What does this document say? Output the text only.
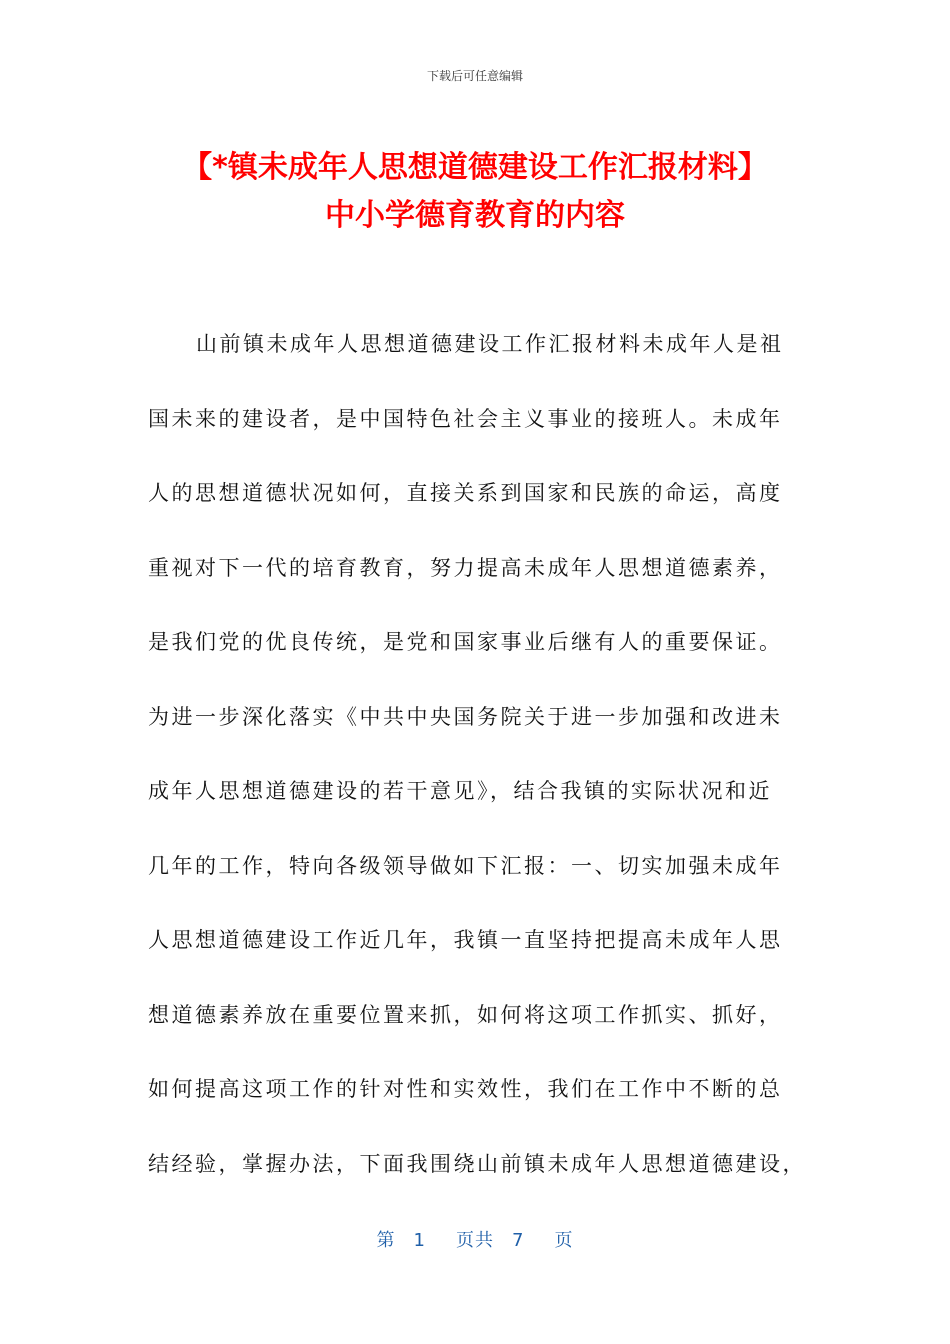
下载后可任意编辑
【*镇未成年人思想道德建设工作汇报材料】
中小学德育教育的内容
山前镇未成年人思想道德建设工作汇报材料未成年人是祖
国未来的建设者，是中国特色社会主义事业的接班人。未成年
人的思想道德状况如何，直接关系到国家和民族的命运，高度
重视对下一代的培育教育，努力提高未成年人思想道德素养，
是我们党的优良传统，是党和国家事业后继有人的重要保证。
为进一步深化落实《中共中央国务院关于进一步加强和改进未
成年人思想道德建设的若干意见》，结合我镇的实际状况和近
几年的工作，特向各级领导做如下汇报：一、切实加强未成年
人思想道德建设工作近几年，我镇一直坚持把提高未成年人思
想道德素养放在重要位置来抓，如何将这项工作抓实、抓好，
如何提高这项工作的针对性和实效性，我们在工作中不断的总
结经验，掌握办法，下面我围绕山前镇未成年人思想道德建设，
第 1 页共 7 页
